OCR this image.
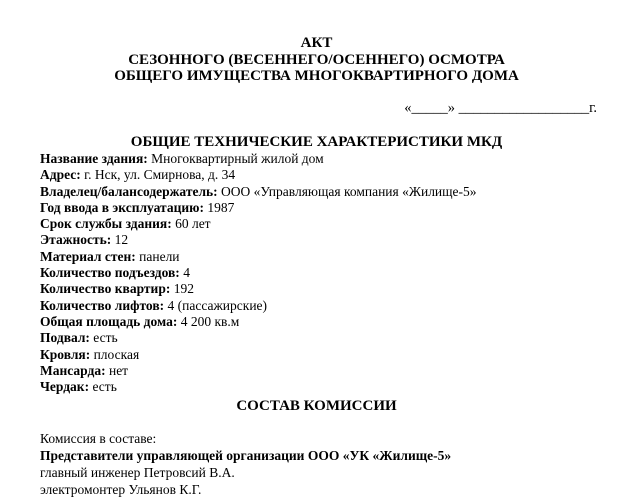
АКТ
СЕЗОННОГО (ВЕСЕННЕГО/ОСЕННЕГО) ОСМОТРА
ОБЩЕГО ИМУЩЕСТВА МНОГОКВАРТИРНОГО ДОМА
«_____» __________________г.
ОБЩИЕ ТЕХНИЧЕСКИЕ ХАРАКТЕРИСТИКИ МКД
Название здания: Многоквартирный жилой дом
Адрес: г. Нск, ул. Смирнова, д. 34
Владелец/балансодержатель: ООО «Управляющая компания «Жилище-5»
Год ввода в эксплуатацию: 1987
Срок службы здания: 60 лет
Этажность: 12
Материал стен: панели
Количество подъездов: 4
Количество квартир: 192
Количество лифтов: 4 (пассажирские)
Общая площадь дома: 4 200 кв.м
Подвал: есть
Кровля: плоская
Мансарда: нет
Чердак: есть
СОСТАВ КОМИССИИ
Комиссия в составе:
Представители управляющей организации ООО «УК «Жилище-5»
главный инженер Петровсий В.А.
электромонтер Ульянов К.Г.
